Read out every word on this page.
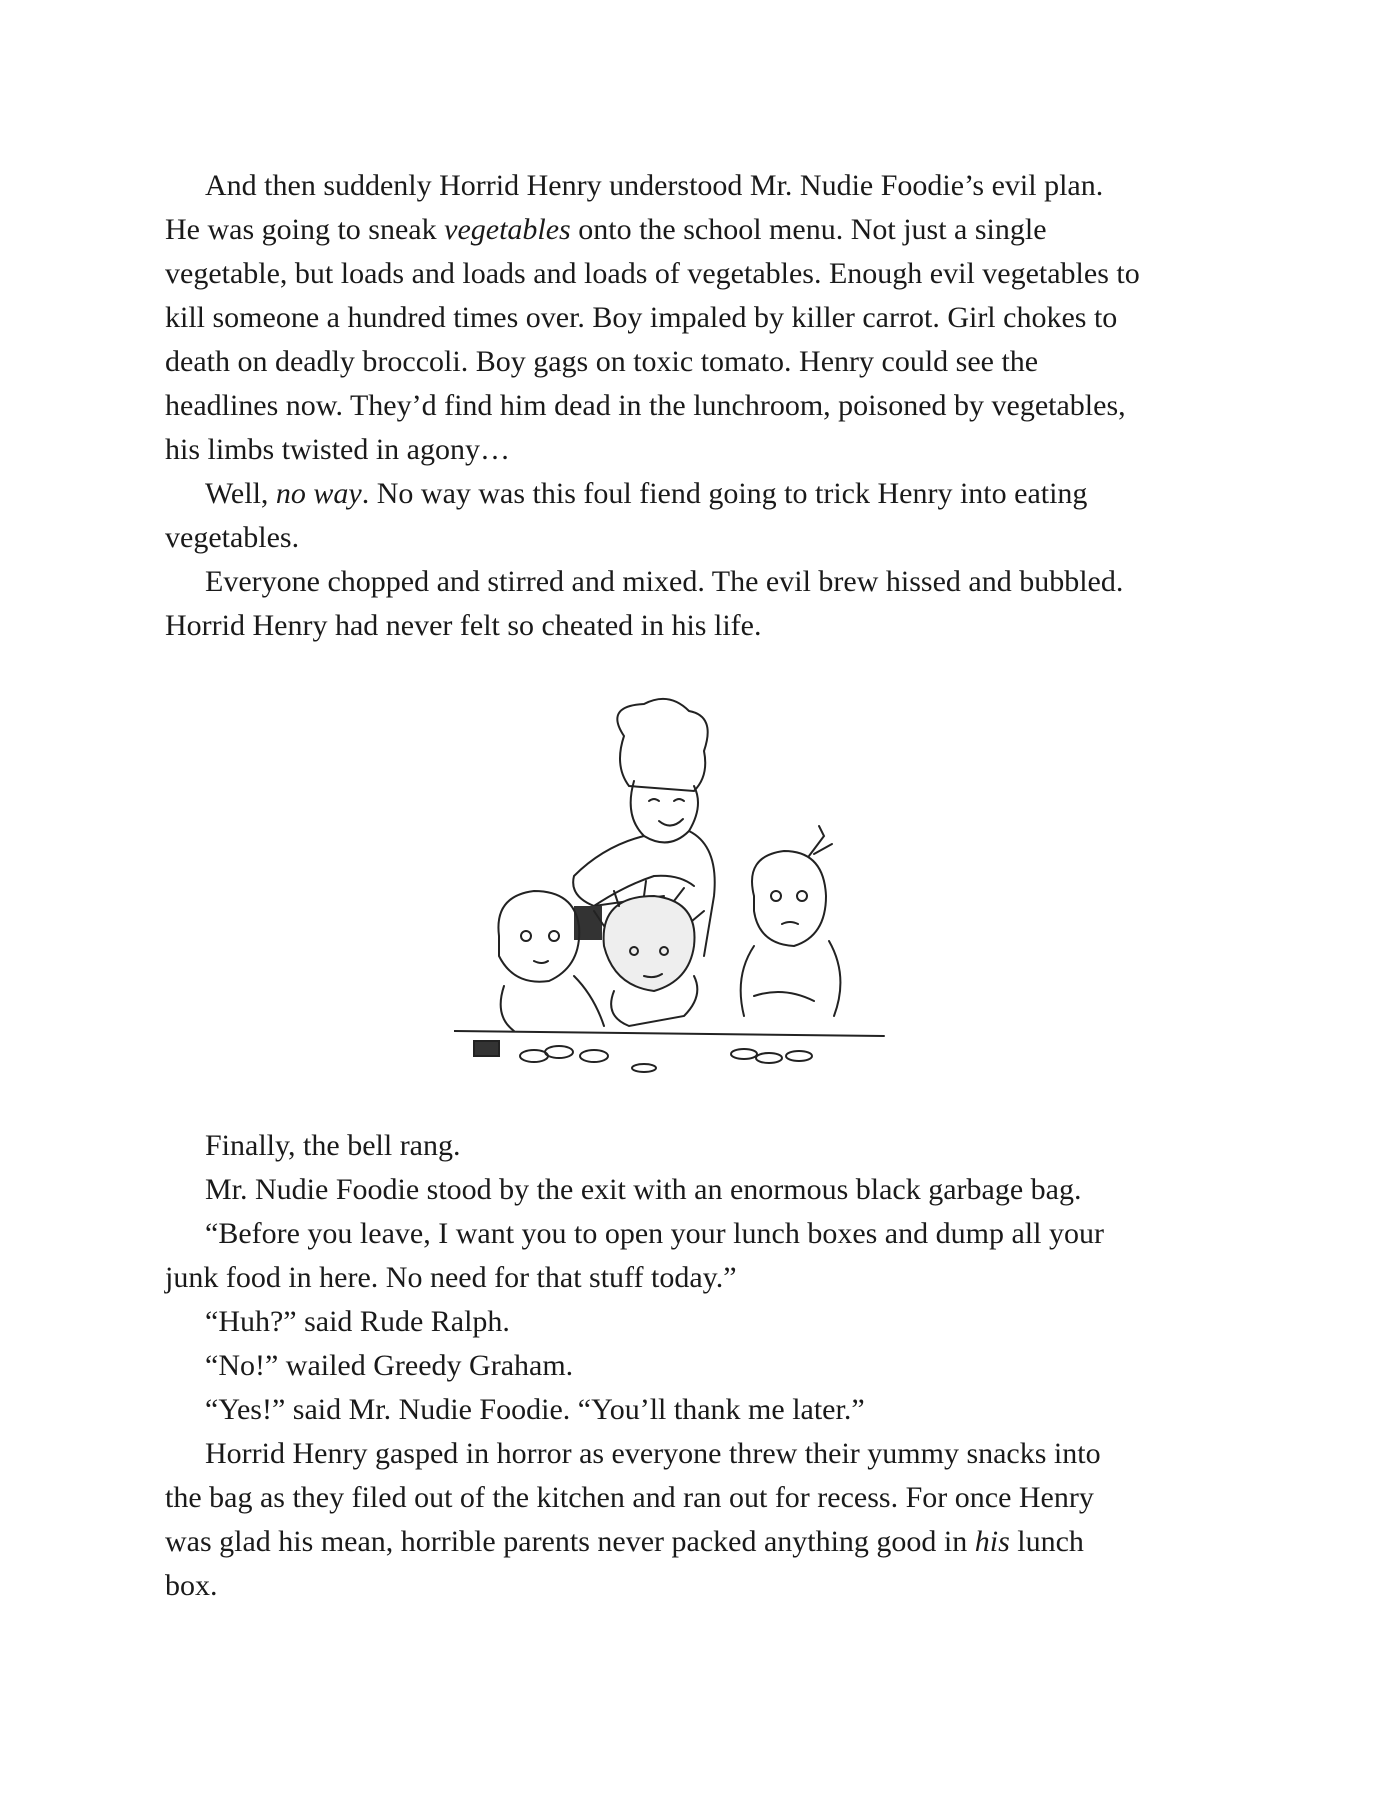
And then suddenly Horrid Henry understood Mr. Nudie Foodie’s evil plan.
He was going to sneak vegetables onto the school menu. Not just a single
vegetable, but loads and loads and loads of vegetables. Enough evil vegetables to
kill someone a hundred times over. Boy impaled by killer carrot. Girl chokes to
death on deadly broccoli. Boy gags on toxic tomato. Henry could see the
headlines now. They’d find him dead in the lunchroom, poisoned by vegetables,
his limbs twisted in agony…
Well, no way. No way was this foul fiend going to trick Henry into eating
vegetables.
Everyone chopped and stirred and mixed. The evil brew hissed and bubbled.
Horrid Henry had never felt so cheated in his life.
Finally, the bell rang.
Mr. Nudie Foodie stood by the exit with an enormous black garbage bag.
“Before you leave, I want you to open your lunch boxes and dump all your
junk food in here. No need for that stuff today.”
“Huh?” said Rude Ralph.
“No!” wailed Greedy Graham.
“Yes!” said Mr. Nudie Foodie. “You’ll thank me later.”
Horrid Henry gasped in horror as everyone threw their yummy snacks into
the bag as they filed out of the kitchen and ran out for recess. For once Henry
was glad his mean, horrible parents never packed anything good in his lunch
box.
